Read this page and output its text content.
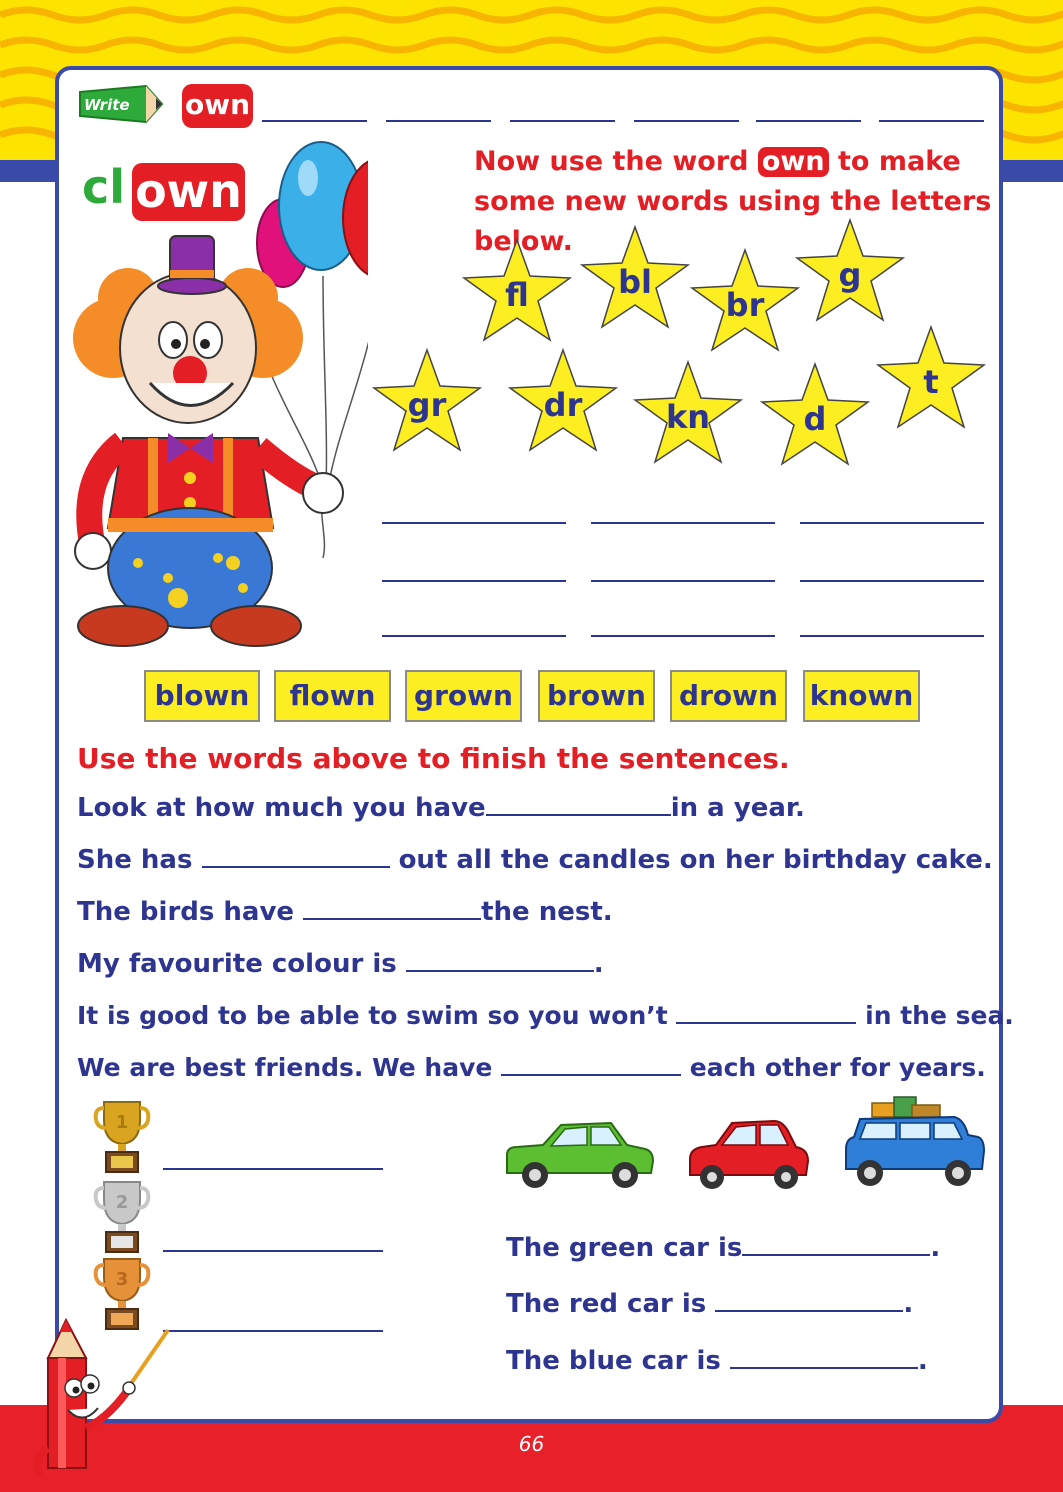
66
Write own
cl own
Now use the word own to make some new words using the letters below.
fl	bl
br
g
gr	dr	kn	d
t
blown	flown	grown	brown	drown	known
Use the words above to finish the sentences.
Look at how much you have	in a year.
She has	out all the candles on her birthday cake.
The birds have	the nest.
My favourite colour is	.
It is good to be able to swim so you won’t	in the sea.
We are best friends. We have	each other for years.
1
2
3
The green car is	.
The red car is	.
The blue car is	.
